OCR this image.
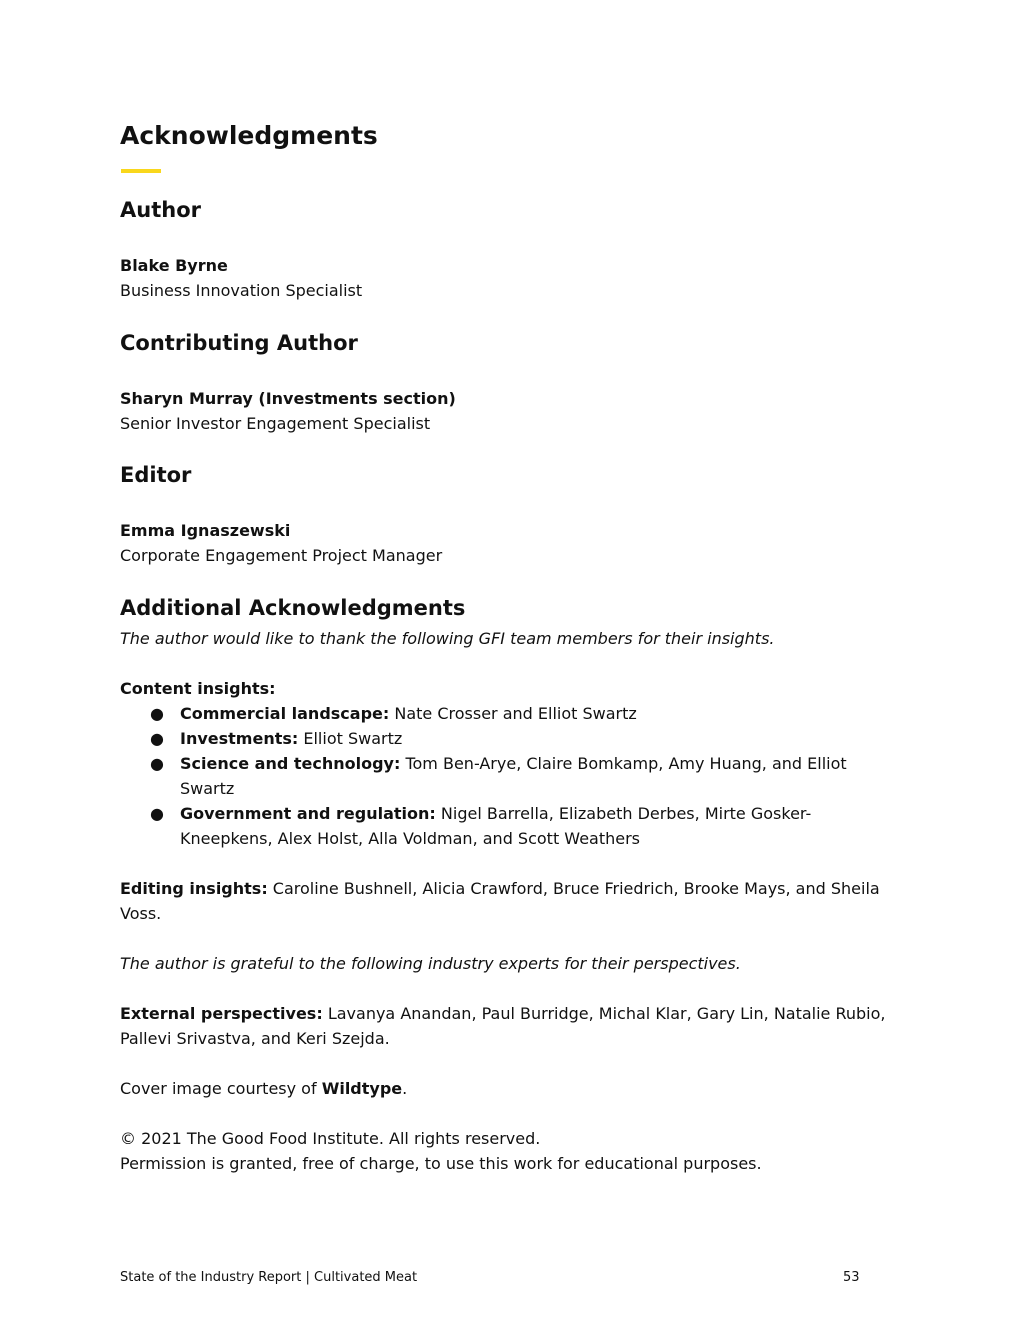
Acknowledgments
Author
Blake Byrne
Business Innovation Specialist
Contributing Author
Sharyn Murray (Investments section)
Senior Investor Engagement Specialist
Editor
Emma Ignaszewski
Corporate Engagement Project Manager
Additional Acknowledgments
The author would like to thank the following GFI team members for their insights.
Content insights:
● Commercial landscape: Nate Crosser and Elliot Swartz
● Investments: Elliot Swartz
● Science and technology: Tom Ben-Arye, Claire Bomkamp, Amy Huang, and Elliot Swartz
● Government and regulation: Nigel Barrella, Elizabeth Derbes, Mirte Gosker-Kneepkens, Alex Holst, Alla Voldman, and Scott Weathers
Editing insights: Caroline Bushnell, Alicia Crawford, Bruce Friedrich, Brooke Mays, and Sheila Voss.
The author is grateful to the following industry experts for their perspectives.
External perspectives: Lavanya Anandan, Paul Burridge, Michal Klar, Gary Lin, Natalie Rubio, Pallevi Srivastva, and Keri Szejda.
Cover image courtesy of Wildtype.
© 2021 The Good Food Institute. All rights reserved.
Permission is granted, free of charge, to use this work for educational purposes.
State of the Industry Report | Cultivated Meat	53
